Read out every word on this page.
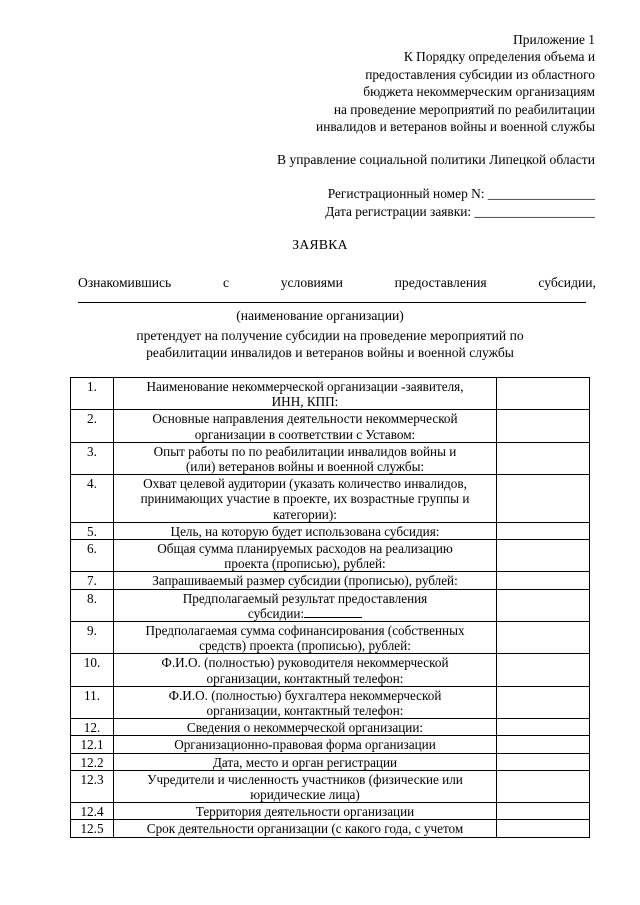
Приложение 1
К Порядку определения объема и
предоставления субсидии из областного
бюджета некоммерческим организациям
на проведение мероприятий по реабилитации
инвалидов и ветеранов войны и военной службы
В управление социальной политики Липецкой области
Регистрационный номер N: ________________
Дата регистрации заявки: __________________
ЗАЯВКА
Ознакомившись	с	условиями	предоставления	субсидии,
(наименование организации)
претендует на получение субсидии на проведение мероприятий по
реабилитации инвалидов и ветеранов войны и военной службы
1.	Наименование некоммерческой организации -заявителя,
ИНН, КПП:	

2.	Основные направления деятельности некоммерческой
организации в соответствии с Уставом:	

3.	Опыт работы по по реабилитации инвалидов войны и
(или) ветеранов войны и военной службы:	

4.	Охват целевой аудитории (указать количество инвалидов,
принимающих участие в проекте, их возрастные группы и
категории):	

5.	Цель, на которую будет использована субсидия:	

6.	Общая сумма планируемых расходов на реализацию
проекта (прописью), рублей:	

7.	Запрашиваемый размер субсидии (прописью), рублей:	

8.	Предполагаемый результат предоставления
субсидии:	

9.	Предполагаемая сумма софинансирования (собственных
средств) проекта (прописью), рублей:	

10.	Ф.И.О. (полностью) руководителя некоммерческой
организации, контактный телефон:	

11.	Ф.И.О. (полностью) бухгалтера некоммерческой
организации, контактный телефон:	

12.	Сведения о некоммерческой организации:	

12.1	Организационно-правовая форма организации	

12.2	Дата, место и орган регистрации	

12.3	Учредители и численность участников (физические или
юридические лица)	

12.4	Территория деятельности организации	

12.5	Срок деятельности организации (с какого года, с учетом	
